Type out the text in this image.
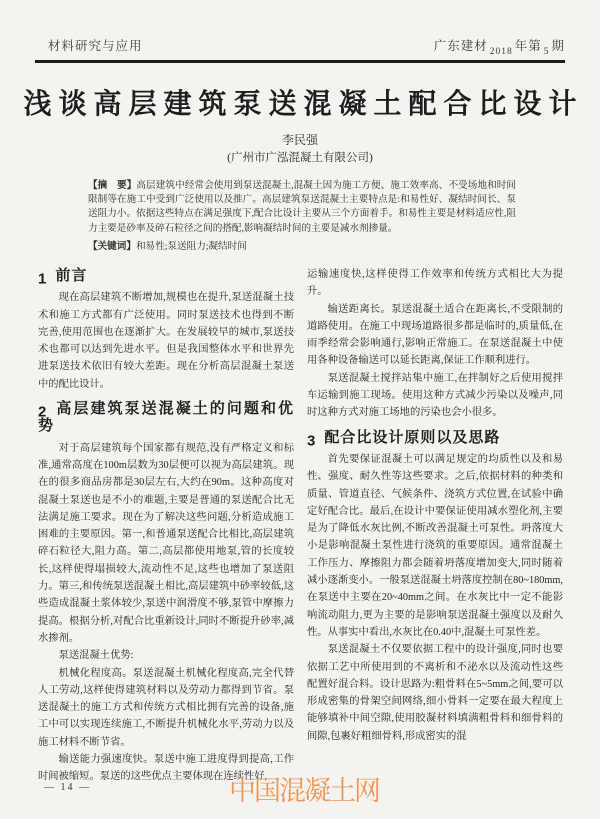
材料研究与应用	广东建材 $_{2018}$ 年第 $_5$ 期
浅谈高层建筑泵送混凝土配合比设计
李民强
(广州市广泓混凝土有限公司)
【摘　要】高层建筑中经常会使用到泵送混凝土,混凝土因为施工方便、施工效率高、不受场地和时间限制等在施工中受到广泛使用以及推广。高层建筑泵送混凝土主要特点是:和易性好、凝结时间长、泵送阻力小。依据这些特点在满足强度下,配合比设计主要从三个方面着手。和易性主要是材料适应性,阻力主要是砂率及碎石粒径之间的搭配,影响凝结时间的主要是减水剂掺量。
【关键词】和易性;泵送阻力;凝结时间
1 前言

现在高层建筑不断增加,规模也在提升,泵送混凝土技术和施工方式都有广泛使用。同时泵送技术也得到不断完善,使用范围也在逐渐扩大。在发展较早的城市,泵送技术也都可以达到先进水平。但是我国整体水平和世界先进泵送技术依旧有较大差距。现在分析高层混凝土泵送中的配比设计。

2 高层建筑泵送混凝土的问题和优势

对于高层建筑每个国家都有规范,没有严格定义和标准,通常高度在100m层数为30层便可以视为高层建筑。现在的很多商品房都是30层左右,大约在90m。这种高度对混凝土泵送也是不小的难题,主要是普通的泵送配合比无法满足施工要求。现在为了解决这些问题,分析造成施工困难的主要原因。第一,和普通泵送配合比相比,高层建筑碎石粒径大,阻力高。第二,高层都使用地泵,管的长度较长,这样使得塌损较大,流动性不足,这些也增加了泵送阻力。第三,和传统泵送混凝土相比,高层建筑中砂率较低,这些造成混凝土浆体较少,泵送中润滑度不够,泵管中摩擦力提高。根据分析,对配合比重新设计,同时不断提升砂率,减水掺剂。

泵送混凝土优势:

机械化程度高。泵送混凝土机械化程度高,完全代替人工劳动,这样使得建筑材料以及劳动力都得到节省。泵送混凝土的施工方式和传统方式相比拥有完善的设备,施工中可以实现连续施工,不断提升机械化水平,劳动力以及施工材料不断节省。

输送能力强速度快。泵送中施工进度得到提高,工作时间被缩短。泵送的这些优点主要体现在连续性好,

运输速度快,这样使得工作效率和传统方式相比大为提升。

输送距离长。泵送混凝土适合在距离长,不受限制的道路使用。在施工中现场道路很多都是临时的,质量低,在雨季经常会影响通行,影响正常施工。在泵送混凝土中使用各种设备输送可以延长距离,保证工作顺利进行。

泵送混凝土搅拌站集中施工,在拌制好之后使用搅拌车运输到施工现场。使用这种方式减少污染以及噪声,同时这种方式对施工场地的污染也会小很多。

3 配合比设计原则以及思路

首先要保证混凝土可以满足规定的均质性以及和易性、强度、耐久性等这些要求。之后,依据材料的种类和质量、管道直径、气候条件、浇筑方式位置,在试验中确定好配合比。最后,在设计中要保证使用减水塑化剂,主要是为了降低水灰比例,不断改善混凝土可泵性。坍落度大小是影响混凝土泵性进行浇筑的重要原因。通常混凝土工作压力、摩擦阻力都会随着坍落度增加变大,同时随着减小逐渐变小。一般泵送混凝土坍落度控制在80~180mm,在泵送中主要在20~40mm之间。在水灰比中一定不能影响流动阻力,更为主要的是影响泵送混凝土强度以及耐久性。从事实中看出,水灰比在0.40中,混凝土可泵性差。

泵送混凝土不仅要依据工程中的设计强度,同时也要依据工艺中所使用到的不离析和不泌水以及流动性这些配置好混合料。设计思路为:粗骨料在5~5mm之间,要可以形成密集的骨架空间网络,细小骨料一定要在最大程度上能够填补中间空隙,使用胶凝材料填满粗骨料和细骨料的间隙,包裹好粗细骨料,形成密实的混

— 14 —	中国混凝土网
